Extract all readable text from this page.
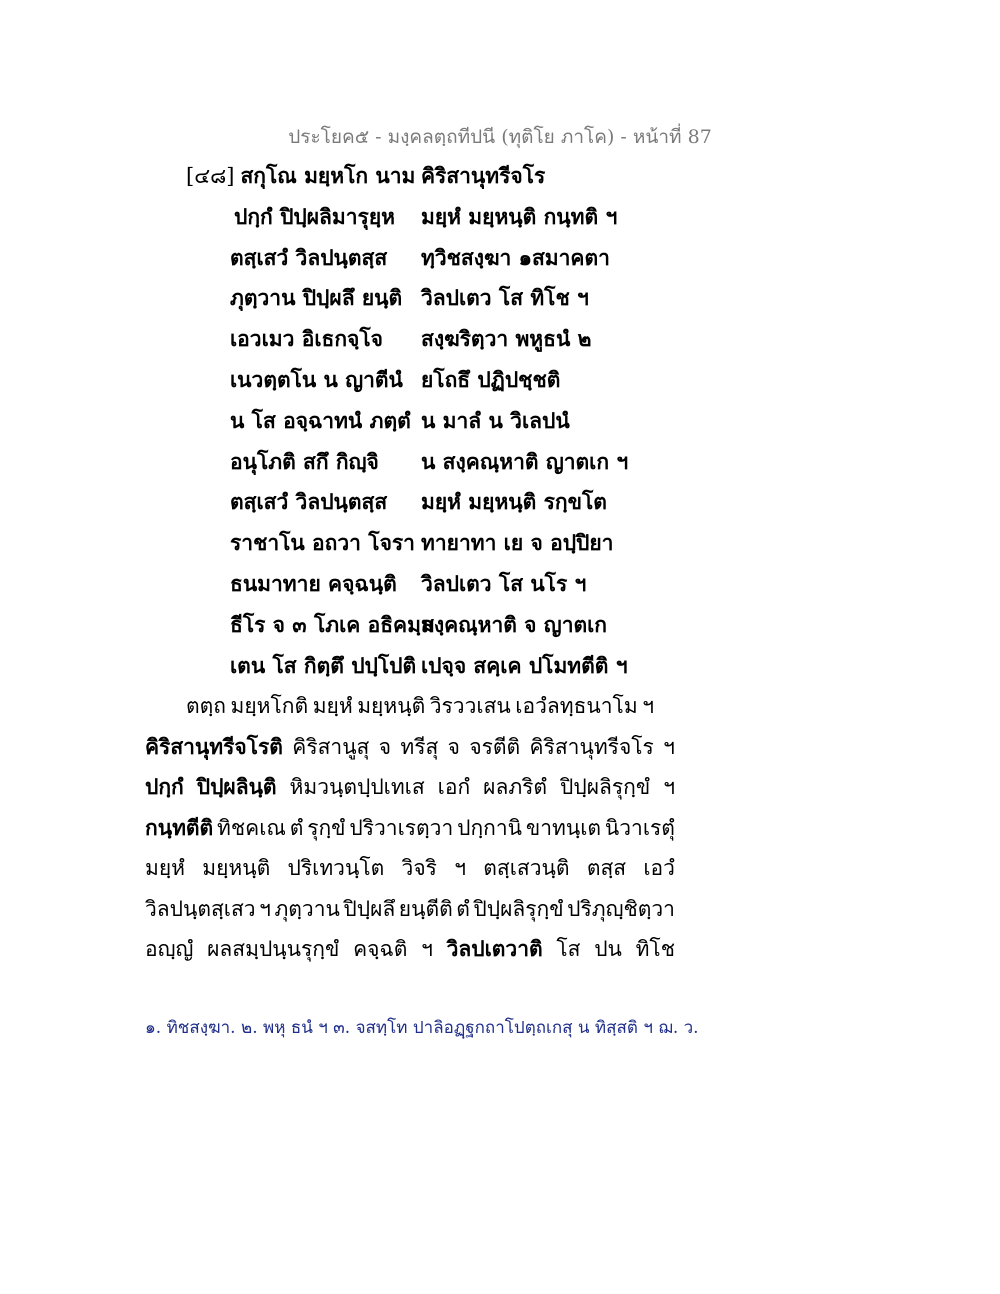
ประโยค๕ - มงฺคลตฺถทีปนี (ทุติโย ภาโค) - หน้าที่ 87
[๔๘] สกุโณ มยฺหโก นาม คิริสานุทรีจโร
ปกฺกํ ปิปฺผลิมารุยฺห มยฺหํ มยฺหนฺติ กนฺทติ ฯ
ตสฺเสวํ วิลปนฺตสฺส ทฺวิชสงฺฆา ๑สมาคตา
ภุตฺวาน ปิปฺผลึ ยนฺติ วิลปเตว โส ทิโช ฯ
เอวเมว อิเธกจฺโจ สงฺฆริตฺวา พหูธนํ ๒
เนวตฺตโน น ญาตีนํ ยโถธึ ปฏิปชฺชติ
น โส อจฺฉาทนํ ภตฺตํ น มาลํ น วิเลปนํ
อนุโภติ สกึ กิญฺจิ น สงฺคณฺหาติ ญาตเก ฯ
ตสฺเสวํ วิลปนฺตสฺส มยฺหํ มยฺหนฺติ รกฺขโต
ราชาโน อถวา โจรา ทายาทา เย จ อปฺปิยา
ธนมาทาย คจฺฉนฺติ วิลปเตว โส นโร ฯ
ธีโร จ ๓ โภเค อธิคมฺม
สงฺคณฺหาติ จ ญาตเก
เตน โส กิตฺตึ ปปฺโปติ เปจฺจ สคฺเค ปโมทตีติ ฯ
ตตฺถ มยฺหโกติ มยฺหํ มยฺหนฺติ วิรววเสน เอวํลทฺธนาโม ฯ
คิริสานุทรีจโรติ คิริสานูสุ จ ทรีสุ จ จรตีติ คิริสานุทรีจโร ฯ
ปกฺกํ ปิปฺผลินฺติ หิมวนฺตปฺปเทเส เอกํ ผลภริตํ ปิปฺผลิรุกฺขํ ฯ
กนฺทตีติ ทิชคเณ ตํ รุกฺขํ ปริวาเรตฺวา ปกฺกานิ ขาทนฺเต นิวาเรตุํ
มยฺหํ มยฺหนฺติ ปริเทวนฺโต วิจริ ฯ ตสฺเสวนฺติ ตสฺส เอวํ
วิลปนฺตสฺเสว ฯ ภุตฺวาน ปิปฺผลึ ยนฺตีติ ตํ ปิปฺผลิรุกฺขํ ปริภุญฺชิตฺวา
อญฺญํ ผลสมฺปนฺนรุกฺขํ คจฺฉติ ฯ วิลปเตวาติ โส ปน ทิโช
๑. ทิชสงฺฆา. ๒. พหุ ธนํ ฯ ๓. จสทฺโท ปาลิอฏฺฐกถาโปตฺถเกสุ น ทิสฺสติ ฯ ฌ. ว.
